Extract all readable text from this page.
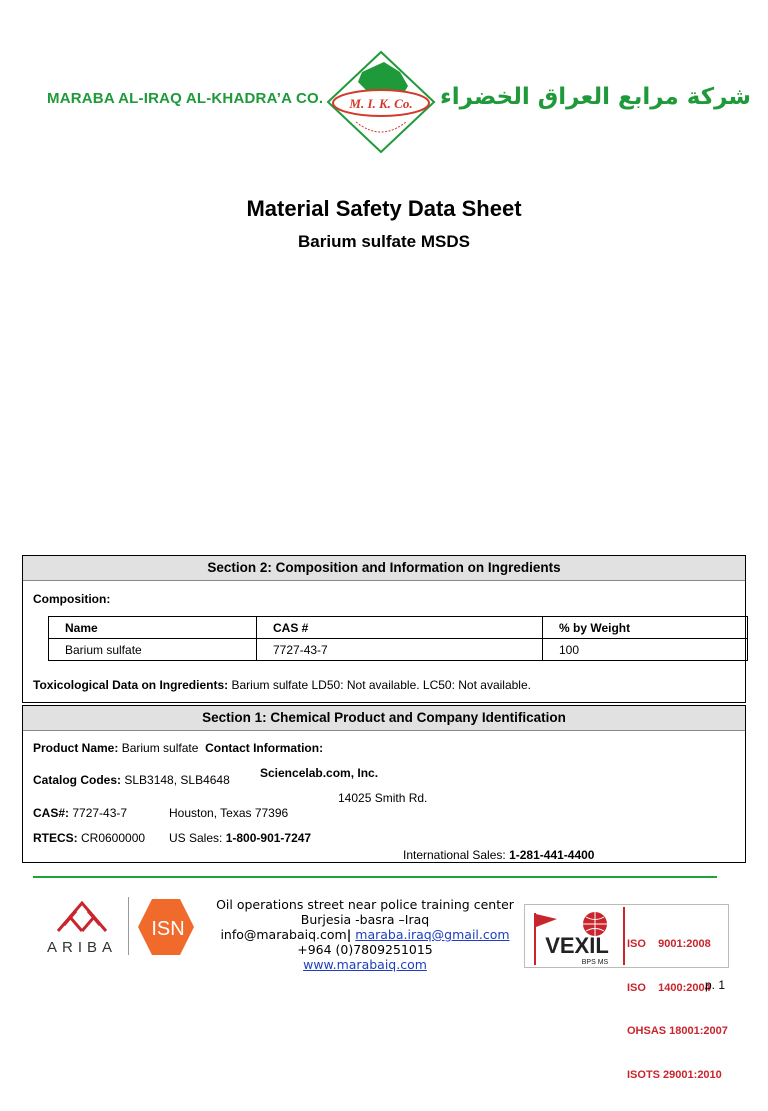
MARABA AL-IRAQ AL-KHADRA’A CO. M. I. K. Co. شركة مرابع العراق الخضراء
Material Safety Data Sheet
Barium sulfate MSDS
Section 2: Composition and Information on Ingredients
Composition:
Name	CAS #	% by Weight
Barium sulfate	7727-43-7	100
Toxicological Data on Ingredients: Barium sulfate LD50: Not available. LC50: Not available.
Section 1: Chemical Product and Company Identification
Product Name: Barium sulfate Contact Information:
Catalog Codes: SLB3148, SLB4648	Sciencelab.com, Inc.
14025 Smith Rd.
CAS#: 7727-43-7	Houston, Texas 77396
RTECS: CR0600000 US Sales: 1-800-901-7247
International Sales: 1-281-441-4400
ARIBA
ISN
Oil operations street near police training center
Burjesia -basra –Iraq
info@marabaiq.com| maraba.iraq@gmail.com
+964 (0)7809251015
www.marabaiq.com
VEXIL
BPS MS

ISO    9001:2008

ISO    1400:2004

OHSAS 18001:2007

ISOTS 29001:2010

p. 1
